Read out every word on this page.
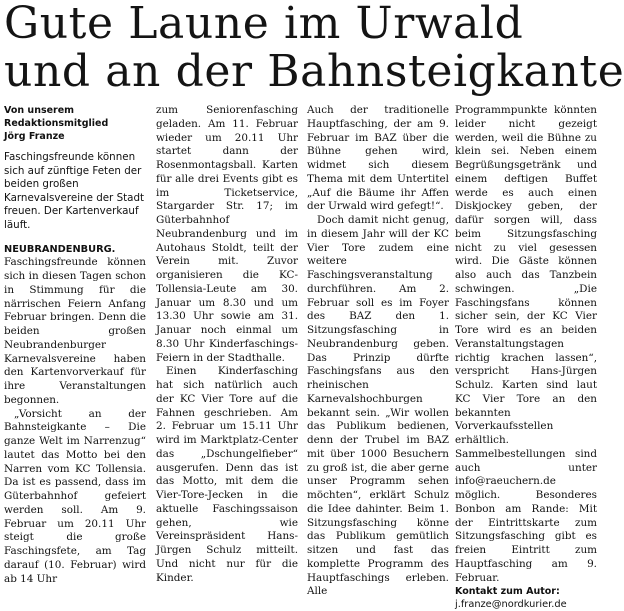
Gute Laune im Urwald
und an der Bahnsteigkante

Von unserem Redaktionsmitglied

Jörg Franze

Faschingsfreunde können sich auf zünftige Feten der beiden großen Karnevalsvereine der Stadt freuen. Der Kartenverkauf läuft.

NEUBRANDENBURG. Faschingsfreunde können sich in diesen Tagen schon in Stimmung für die närrischen Feiern Anfang Februar bringen. Denn die beiden großen Neubrandenburger Karnevalsvereine haben den Kartenvorverkauf für ihre Veranstaltungen begonnen.

„Vorsicht an der Bahnsteigkante – Die ganze Welt im Narrenzug“ lautet das Motto bei den Narren vom KC Tollensia. Da ist es passend, dass im Güterbahnhof gefeiert werden soll. Am 9. Februar um 20.11 Uhr steigt die große Faschingsfete, am Tag darauf (10. Februar) wird ab 14 Uhr

zum Seniorenfasching geladen. Am 11. Februar wieder um 20.11 Uhr startet dann der Rosenmontagsball. Karten für alle drei Events gibt es im Ticketservice, Stargarder Str. 17; im Güterbahnhof Neubrandenburg und im Autohaus Stoldt, teilt der Verein mit. Zuvor organisieren die KC-Tollensia-Leute am 30. Januar um 8.30 und um 13.30 Uhr sowie am 31. Januar noch einmal um 8.30 Uhr Kinderfaschings-Feiern in der Stadthalle.

Einen Kinderfasching hat sich natürlich auch der KC Vier Tore auf die Fahnen geschrieben. Am 2. Februar um 15.11 Uhr wird im Marktplatz-Center das „Dschungelfieber“ ausgerufen. Denn das ist das Motto, mit dem die Vier-Tore-Jecken in die aktuelle Faschingssaison gehen, wie Vereinspräsident Hans-Jürgen Schulz mitteilt. Und nicht nur für die Kinder.

Auch der traditionelle Hauptfasching, der am 9. Februar im BAZ über die Bühne gehen wird, widmet sich diesem Thema mit dem Untertitel „Auf die Bäume ihr Affen der Urwald wird gefegt!“.

Doch damit nicht genug, in diesem Jahr will der KC Vier Tore zudem eine weitere Faschingsveranstaltung durchführen. Am 2. Februar soll es im Foyer des BAZ den 1. Sitzungsfasching in Neubrandenburg geben. Das Prinzip dürfte Faschingsfans aus den rheinischen Karnevalshochburgen bekannt sein. „Wir wollen das Publikum bedienen, denn der Trubel im BAZ mit über 1000 Besuchern zu groß ist, die aber gerne unser Programm sehen möchten“, erklärt Schulz die Idee dahinter. Beim 1. Sitzungsfasching könne das Publikum gemütlich sitzen und fast das komplette Programm des Hauptfaschings erleben. Alle

Programmpunkte könnten leider nicht gezeigt werden, weil die Bühne zu klein sei. Neben einem Begrüßungsgetränk und einem deftigen Buffet werde es auch einen Diskjockey geben, der dafür sorgen will, dass beim Sitzungsfasching nicht zu viel gesessen wird. Die Gäste können also auch das Tanzbein schwingen. „Die Faschingsfans können sicher sein, der KC Vier Tore wird es an beiden Veranstaltungstagen richtig krachen lassen“, verspricht Hans-Jürgen Schulz. Karten sind laut KC Vier Tore an den bekannten Vorverkaufsstellen erhältlich. Sammelbestellungen sind auch unter info@raeuchern.de möglich. Besonderes Bonbon am Rande: Mit der Eintrittskarte zum Sitzungsfasching gibt es freien Eintritt zum Hauptfasching am 9. Februar.

Kontakt zum Autor:

j.franze@nordkurier.de
